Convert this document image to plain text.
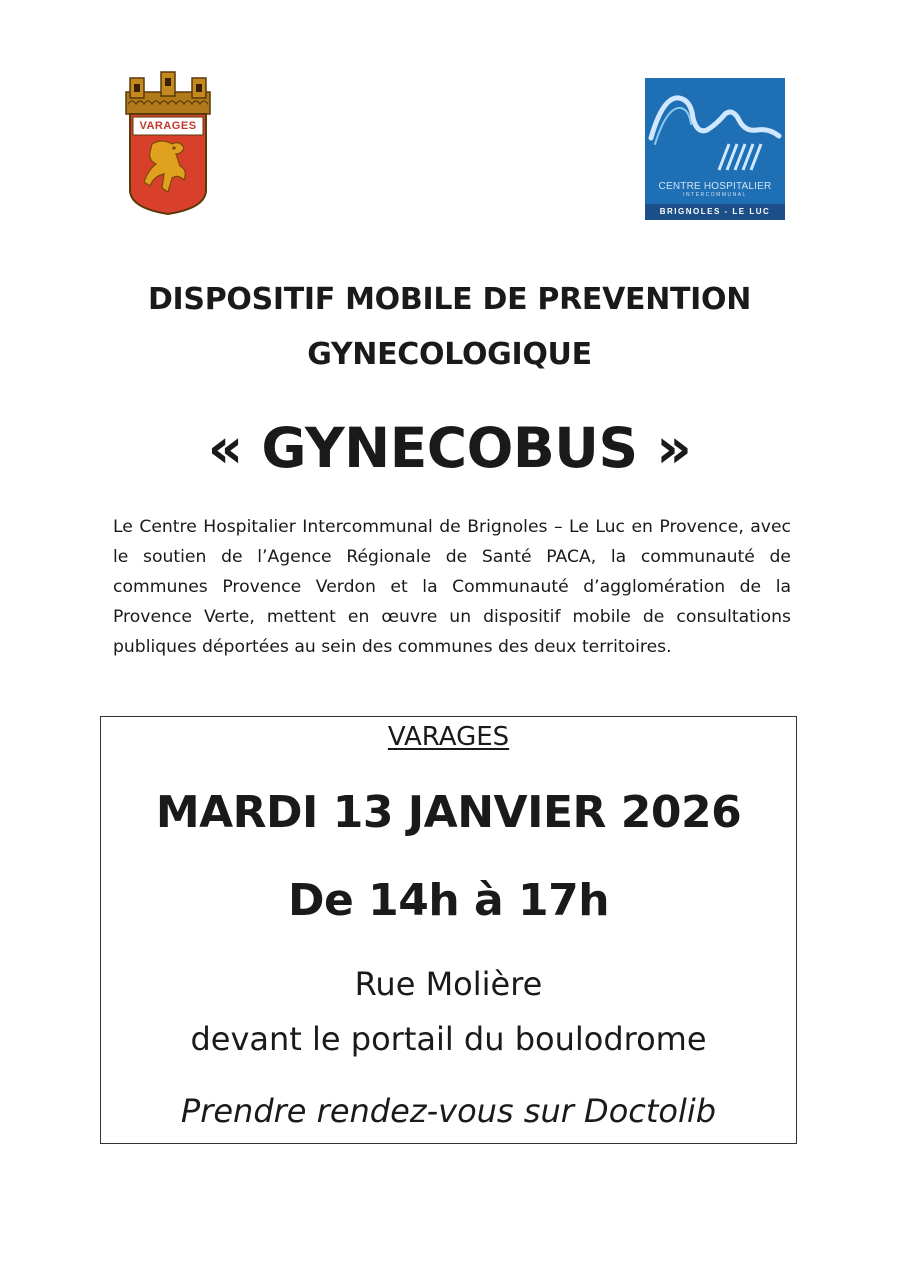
VARAGES
CENTRE HOSPITALIER
INTERCOMMUNAL
BRIGNOLES - LE LUC
DISPOSITIF MOBILE DE PREVENTION
GYNECOLOGIQUE
« GYNECOBUS »
Le Centre Hospitalier Intercommunal de Brignoles – Le Luc en Provence, avec le soutien de l’Agence Régionale de Santé PACA, la communauté de communes Provence Verdon et la Communauté d’agglomération de la Provence Verte, mettent en œuvre un dispositif mobile de consultations publiques déportées au sein des communes des deux territoires.
VARAGES
MARDI 13 JANVIER 2026
De 14h à 17h
Rue Molière
devant le portail du boulodrome
Prendre rendez-vous sur Doctolib
